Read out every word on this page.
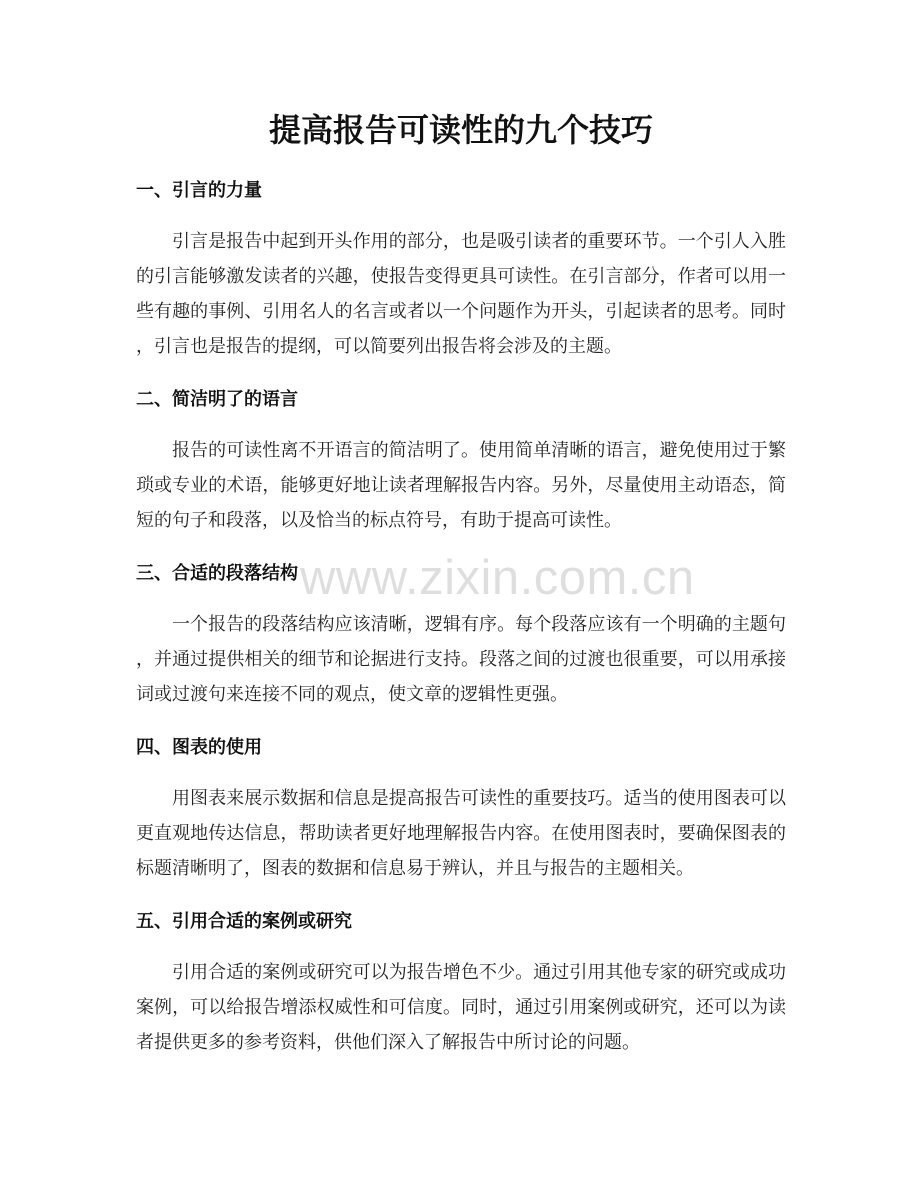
提高报告可读性的九个技巧
一、引言的力量
引言是报告中起到开头作用的部分，也是吸引读者的重要环节。一个引人入胜
的引言能够激发读者的兴趣，使报告变得更具可读性。在引言部分，作者可以用一
些有趣的事例、引用名人的名言或者以一个问题作为开头，引起读者的思考。同时
，引言也是报告的提纲，可以简要列出报告将会涉及的主题。
二、简洁明了的语言
报告的可读性离不开语言的简洁明了。使用简单清晰的语言，避免使用过于繁
琐或专业的术语，能够更好地让读者理解报告内容。另外，尽量使用主动语态，简
短的句子和段落，以及恰当的标点符号，有助于提高可读性。
三、合适的段落结构
一个报告的段落结构应该清晰，逻辑有序。每个段落应该有一个明确的主题句
，并通过提供相关的细节和论据进行支持。段落之间的过渡也很重要，可以用承接
词或过渡句来连接不同的观点，使文章的逻辑性更强。
四、图表的使用
用图表来展示数据和信息是提高报告可读性的重要技巧。适当的使用图表可以
更直观地传达信息，帮助读者更好地理解报告内容。在使用图表时，要确保图表的
标题清晰明了，图表的数据和信息易于辨认，并且与报告的主题相关。
五、引用合适的案例或研究
引用合适的案例或研究可以为报告增色不少。通过引用其他专家的研究或成功
案例，可以给报告增添权威性和可信度。同时，通过引用案例或研究，还可以为读
者提供更多的参考资料，供他们深入了解报告中所讨论的问题。
www.zixin.com.cn
